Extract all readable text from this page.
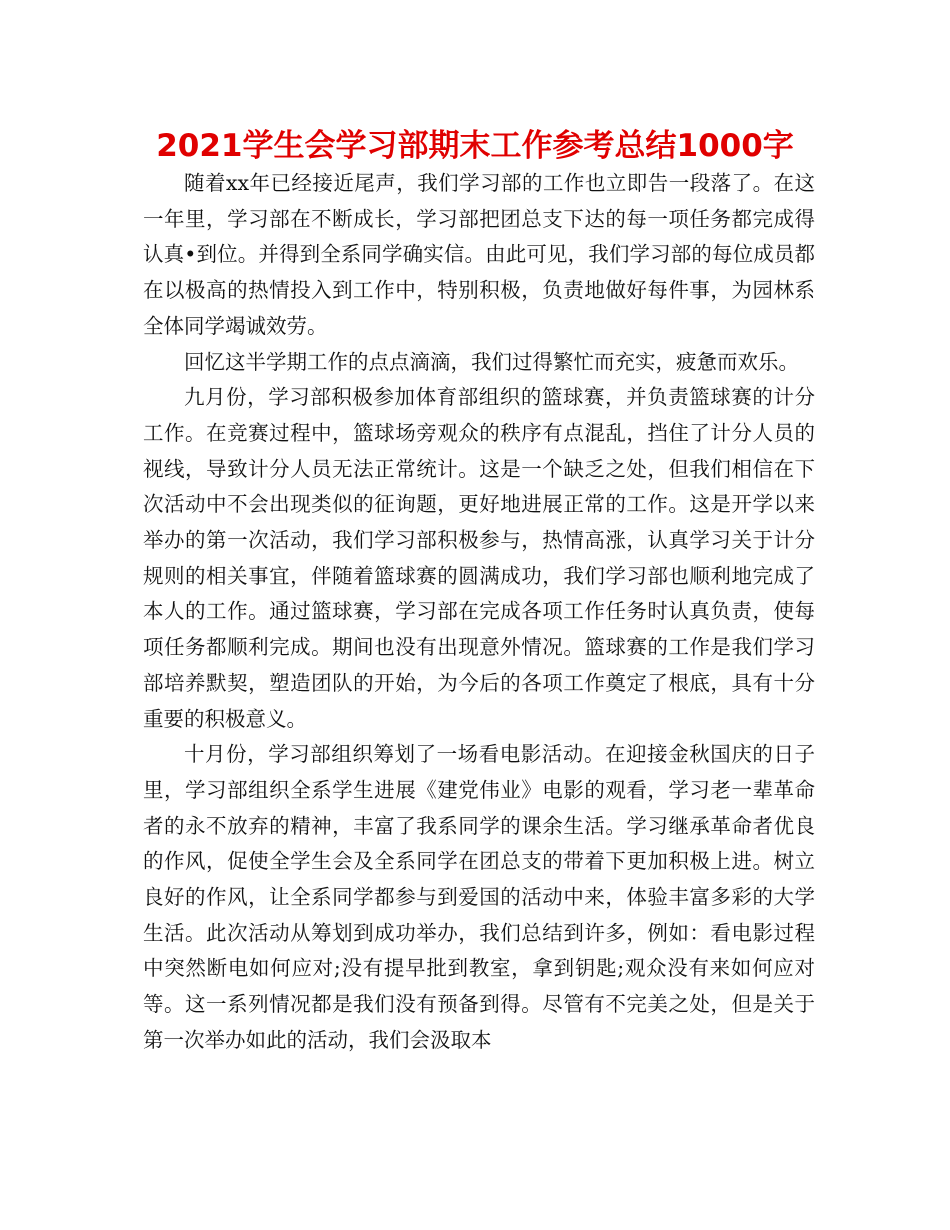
2021学生会学习部期末工作参考总结1000字

随着xx年已经接近尾声，我们学习部的工作也立即告一段落了。在这一年里，学习部在不断成长，学习部把团总支下达的每一项任务都完成得认真•到位。并得到全系同学确实信。由此可见，我们学习部的每位成员都在以极高的热情投入到工作中，特别积极，负责地做好每件事，为园林系全体同学竭诚效劳。

回忆这半学期工作的点点滴滴，我们过得繁忙而充实，疲惫而欢乐。

九月份，学习部积极参加体育部组织的篮球赛，并负责篮球赛的计分工作。在竞赛过程中，篮球场旁观众的秩序有点混乱，挡住了计分人员的视线，导致计分人员无法正常统计。这是一个缺乏之处，但我们相信在下次活动中不会出现类似的征询题，更好地进展正常的工作。这是开学以来举办的第一次活动，我们学习部积极参与，热情高涨，认真学习关于计分规则的相关事宜，伴随着篮球赛的圆满成功，我们学习部也顺利地完成了本人的工作。通过篮球赛，学习部在完成各项工作任务时认真负责，使每项任务都顺利完成。期间也没有出现意外情况。篮球赛的工作是我们学习部培养默契，塑造团队的开始，为今后的各项工作奠定了根底，具有十分重要的积极意义。

十月份，学习部组织筹划了一场看电影活动。在迎接金秋国庆的日子里，学习部组织全系学生进展《建党伟业》电影的观看，学习老一辈革命者的永不放弃的精神，丰富了我系同学的课余生活。学习继承革命者优良的作风，促使全学生会及全系同学在团总支的带着下更加积极上进。树立良好的作风，让全系同学都参与到爱国的活动中来，体验丰富多彩的大学生活。此次活动从筹划到成功举办，我们总结到许多，例如：看电影过程中突然断电如何应对;没有提早批到教室，拿到钥匙;观众没有来如何应对等。这一系列情况都是我们没有预备到得。尽管有不完美之处，但是关于第一次举办如此的活动，我们会汲取本
